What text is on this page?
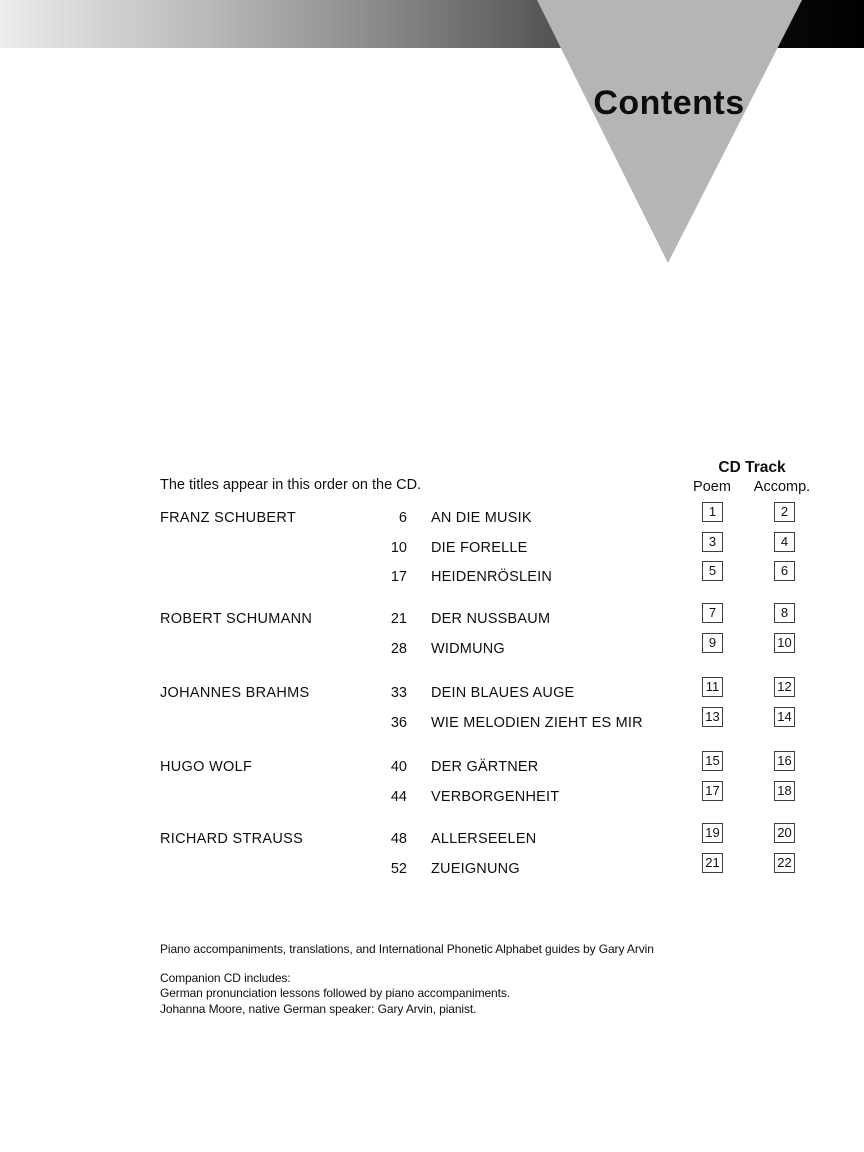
Contents
The titles appear in this order on the CD.
CD Track
Poem Accomp.
FRANZ SCHUBERT	6 AN DIE MUSIK	1	2
10 DIE FORELLE	3	4
17 HEIDENRÖSLEIN	5	6
ROBERT SCHUMANN	21 DER NUSSBAUM	7	8
28 WIDMUNG	9	10
JOHANNES BRAHMS	33 DEIN BLAUES AUGE	11	12
36 WIE MELODIEN ZIEHT ES MIR	13	14
HUGO WOLF	40 DER GÄRTNER	15	16
44 VERBORGENHEIT	17	18
RICHARD STRAUSS	48 ALLERSEELEN	19	20
52 ZUEIGNUNG	21	22
Piano accompaniments, translations, and International Phonetic Alphabet guides by Gary Arvin
Companion CD includes:
German pronunciation lessons followed by piano accompaniments.
Johanna Moore, native German speaker: Gary Arvin, pianist.
